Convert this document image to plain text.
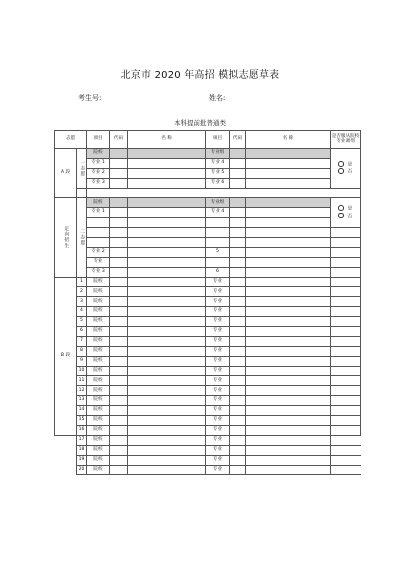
北京市 2020 年高招 模拟志愿草表
考生号:	姓名:
本科提前批普通类
志愿		项目	代码	名 称	项目	代码	名 称	是否服从院校专业调剂
A 段	一志愿	院校			专业组			是
否

		专业 1			专业 4			
		专业 2			专业 5			
		专业 3			专业 6			

定向招生	二志愿	院校			专业组			是
否

		专业 1			专业 4			

		专业 2			5			
		专业						
		专业 3			6			
B 段	1	院校			专业			
	2	院校			专业			
	3	院校			专业			
	4	院校			专业			
	5	院校			专业			
	6	院校			专业			
	7	院校			专业			
	8	院校			专业			
	9	院校			专业			
	10	院校			专业			
	11	院校			专业			
	12	院校			专业			
	13	院校			专业			
	14	院校			专业			
	15	院校			专业			
	16	院校			专业			
	17	院校			专业			
	18	院校			专业			
	19	院校			专业			
	20	院校			专业			
